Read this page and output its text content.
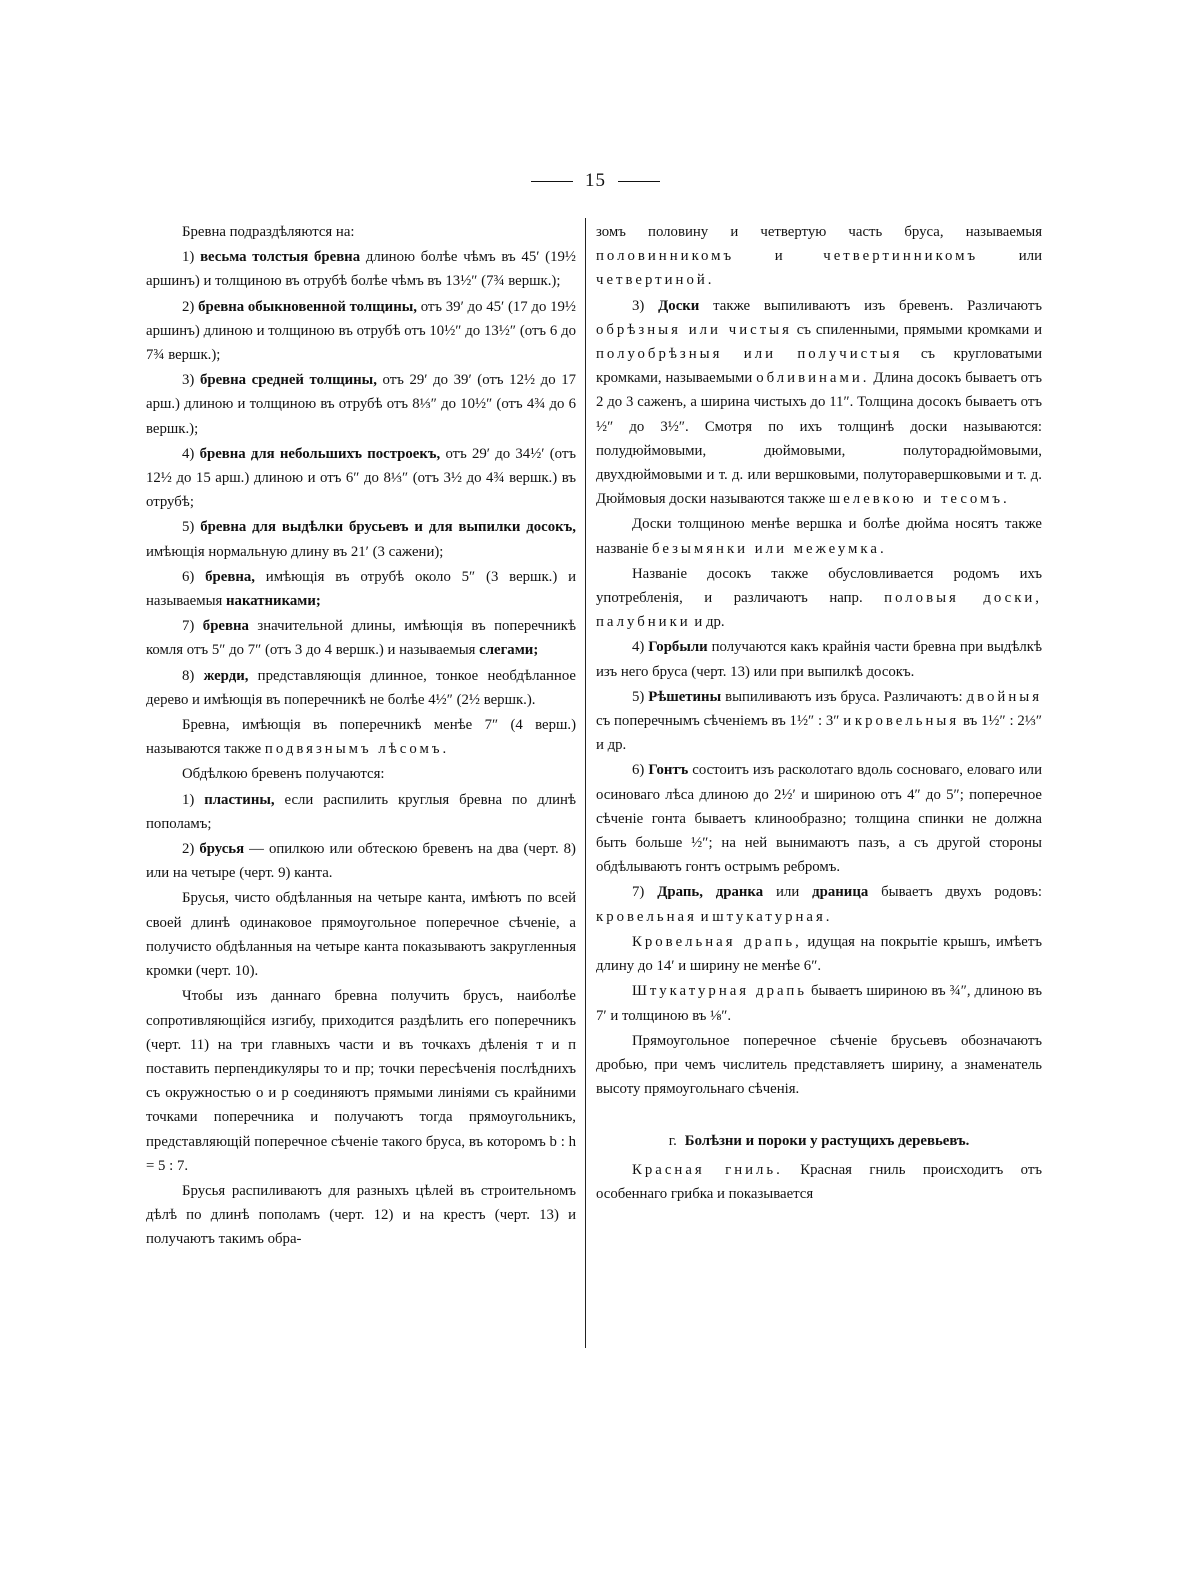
15

Бревна подраздѣляются на:

1) весьма толстыя бревна длиною болѣе чѣмъ въ 45′ (19½ аршинъ) и толщиною въ отрубѣ болѣе чѣмъ въ 13½″ (7¾ вершк.);

2) бревна обыкновенной толщины, отъ 39′ до 45′ (17 до 19½ аршинъ) длиною и толщиною въ отрубѣ отъ 10½″ до 13½″ (отъ 6 до 7¾ вершк.);

3) бревна средней толщины, отъ 29′ до 39′ (отъ 12½ до 17 арш.) длиною и толщиною въ отрубѣ отъ 8⅓″ до 10½″ (отъ 4¾ до 6 вершк.);

4) бревна для небольшихъ построекъ, отъ 29′ до 34½′ (отъ 12½ до 15 арш.) длиною и отъ 6″ до 8⅓″ (отъ 3½ до 4¾ вершк.) въ отрубѣ;

5) бревна для выдѣлки брусьевъ и для выпилки досокъ, имѣющія нормальную длину въ 21′ (3 сажени);

6) бревна, имѣющія въ отрубѣ около 5″ (3 вершк.) и называемыя накатниками;

7) бревна значительной длины, имѣющія въ поперечникѣ комля отъ 5″ до 7″ (отъ 3 до 4 вершк.) и называемыя слегами;

8) жерди, представляющія длинное, тонкое необдѣланное дерево и имѣющія въ поперечникѣ не болѣе 4½″ (2½ вершк.).

Бревна, имѣющія въ поперечникѣ менѣе 7″ (4 верш.) называются также подвязнымъ лѣсомъ.

Обдѣлкою бревенъ получаются:

1) пластины, если распилить круглыя бревна по длинѣ пополамъ;

2) брусья — опилкою или обтескою бревенъ на два (черт. 8) или на четыре (черт. 9) канта.

Брусья, чисто обдѣланныя на четыре канта, имѣютъ по всей своей длинѣ одинаковое прямоугольное поперечное сѣченіе, а получисто обдѣланныя на четыре канта показываютъ закругленныя кромки (черт. 10).

Чтобы изъ даннаго бревна получить брусъ, наиболѣе сопротивляющійся изгибу, приходится раздѣлить его поперечникъ (черт. 11) на три главныхъ части и въ точкахъ дѣленія т и п поставить перпендикуляры то и пр; точки пересѣченія послѣднихъ съ окружностью о и р соединяютъ прямыми линіями съ крайними точками поперечника и получаютъ тогда прямоугольникъ, представляющій поперечное сѣченіе такого бруса, въ которомъ b : h = 5 : 7.

Брусья распиливаютъ для разныхъ цѣлей въ строительномъ дѣлѣ по длинѣ пополамъ (черт. 12) и на крестъ (черт. 13) и получаютъ такимъ обра-

зомъ половину и четвертую часть бруса, называемыя половинникомъ и четвертинникомъ или четвертиной.

3) Доски также выпиливаютъ изъ бревенъ. Различаютъ обрѣзныя или чистыя съ спиленными, прямыми кромками и полуобрѣзныя или получистыя съ кругловатыми кромками, называемыми обливинами. Длина досокъ бываетъ отъ 2 до 3 саженъ, а ширина чистыхъ до 11″. Толщина досокъ бываетъ отъ ½″ до 3½″. Смотря по ихъ толщинѣ доски называются: полудюймовыми, дюймовыми, полуторадюймовыми, двухдюймовыми и т. д. или вершковыми, полуторавершковыми и т. д. Дюймовыя доски называются также шелевкою и тесомъ.

Доски толщиною менѣе вершка и болѣе дюйма носятъ также названіе безымянки или межеумка.

Названіе досокъ также обусловливается родомъ ихъ употребленія, и различаютъ напр. половыя доски, палубники и др.

4) Горбыли получаются какъ крайнія части бревна при выдѣлкѣ изъ него бруса (черт. 13) или при выпилкѣ досокъ.

5) Рѣшетины выпиливаютъ изъ бруса. Различаютъ: двойныя съ поперечнымъ сѣченіемъ въ 1½″ : 3″ и кровельныя въ 1½″ : 2⅓″ и др.

6) Гонтъ состоитъ изъ расколотаго вдоль сосноваго, еловаго или осиноваго лѣса длиною до 2½′ и шириною отъ 4″ до 5″; поперечное сѣченіе гонта бываетъ клинообразно; толщина спинки не должна быть больше ½″; на ней вынимаютъ пазъ, а съ другой стороны обдѣлываютъ гонтъ острымъ ребромъ.

7) Драпь, дранка или драница бываетъ двухъ родовъ: кровельная и штукатурная.

Кровельная драпь, идущая на покрытіе крышъ, имѣетъ длину до 14′ и ширину не менѣе 6″.

Штукатурная драпь бываетъ шириною въ ¾″, длиною въ 7′ и толщиною въ ⅛″.

Прямоугольное поперечное сѣченіе брусьевъ обозначаютъ дробью, при чемъ числитель представляетъ ширину, а знаменатель высоту прямоугольнаго сѣченія.

г. Болѣзни и пороки у растущихъ деревьевъ.

Красная гниль. Красная гниль происходитъ отъ особеннаго грибка и показывается
